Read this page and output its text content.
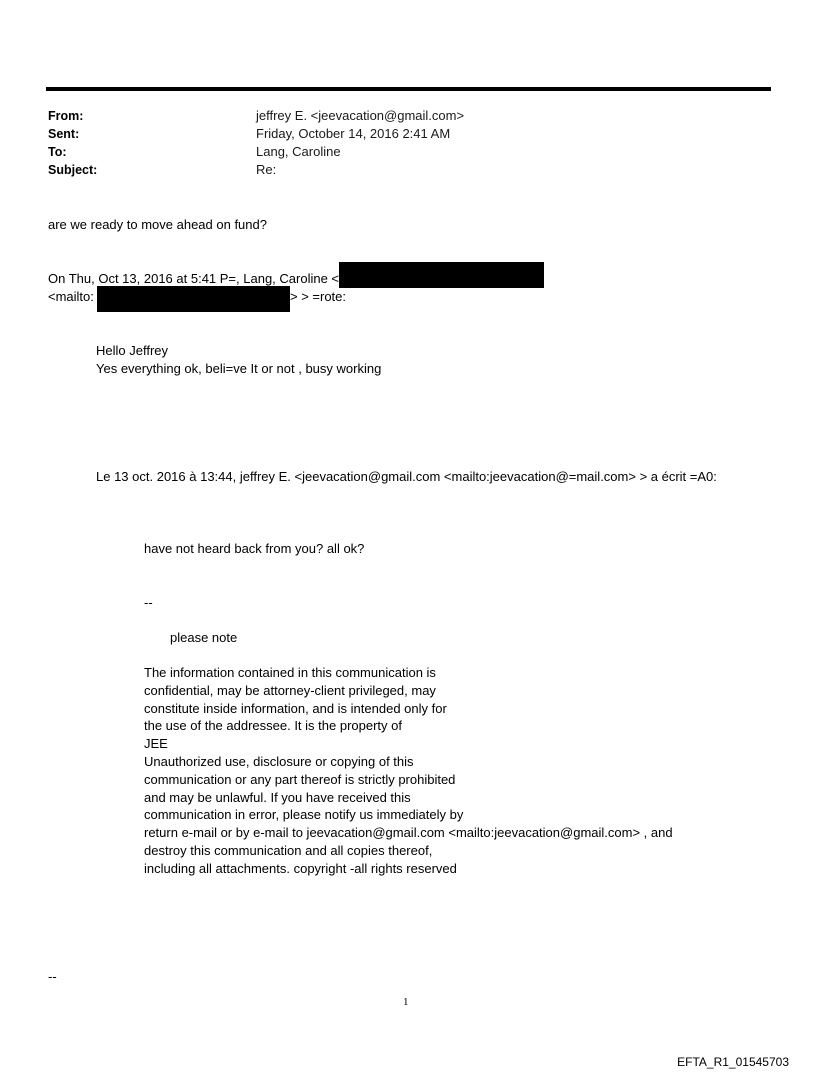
From:	jeffrey E. <jeevacation@gmail.com>
Sent:	Friday, October 14, 2016 2:41 AM
To:	Lang, Caroline
Subject:	Re:
are we ready to move ahead on fund?
On Thu, Oct 13, 2016 at 5:41 P=, Lang, Caroline <
<mailto:	> > =rote:
Hello Jeffrey
Yes everything ok, beli=ve It or not , busy working
Le 13 oct. 2016 à 13:44, jeffrey E. <jeevacation@gmail.com <mailto:jeevacation@=mail.com> > a écrit =A0:
have not heard back from you? all ok?
--
please note
The information contained in this communication is
confidential, may be attorney-client privileged, may
constitute inside information, and is intended only for
the use of the addressee. It is the property of
JEE
Unauthorized use, disclosure or copying of this
communication or any part thereof is strictly prohibited
and may be unlawful. If you have received this
communication in error, please notify us immediately by
return e-mail or by e-mail to jeevacation@gmail.com <mailto:jeevacation@gmail.com> , and
destroy this communication and all copies thereof,
including all attachments. copyright -all rights reserved
--
1
EFTA_R1_01545703
